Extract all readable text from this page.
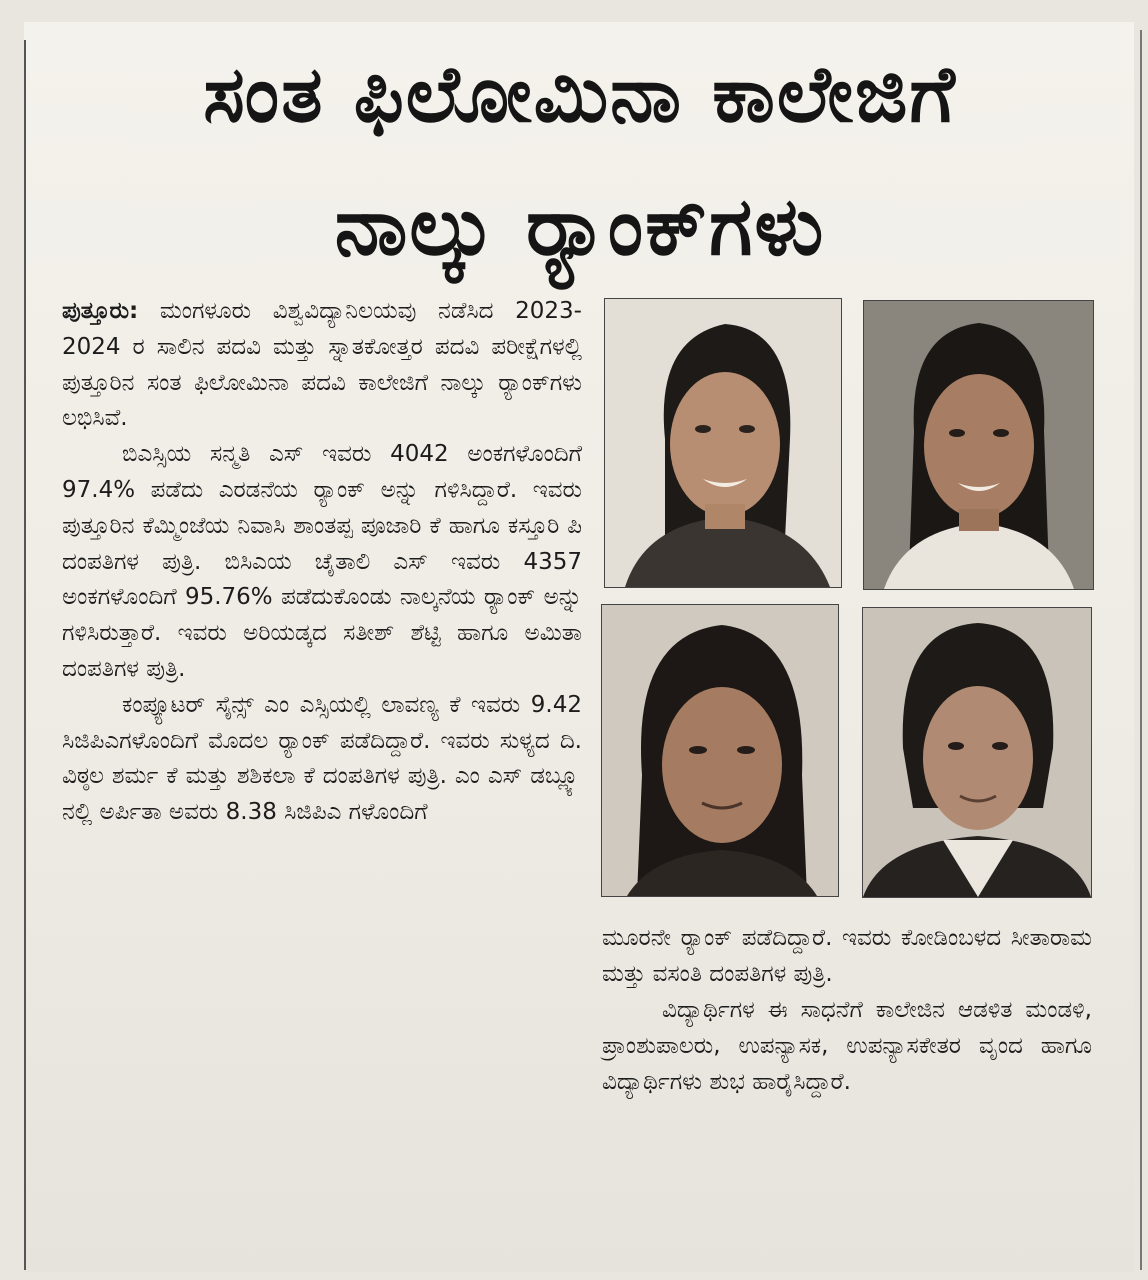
ಸಂತ ಫಿಲೋಮಿನಾ ಕಾಲೇಜಿಗೆ
ನಾಲ್ಕು ರ್‍ಯಾಂಕ್‌ಗಳು

ಪುತ್ತೂರು: ಮಂಗಳೂರು ವಿಶ್ವವಿದ್ಯಾನಿಲಯವು ನಡೆಸಿದ 2023-2024 ರ ಸಾಲಿನ ಪದವಿ ಮತ್ತು ಸ್ನಾತಕೋತ್ತರ ಪದವಿ ಪರೀಕ್ಷೆಗಳಲ್ಲಿ ಪುತ್ತೂರಿನ ಸಂತ ಫಿಲೋಮಿನಾ ಪದವಿ ಕಾಲೇಜಿಗೆ ನಾಲ್ಕು ರ್‍ಯಾಂಕ್‌ಗಳು ಲಭಿಸಿವೆ.

ಬಿಎಸ್ಸಿಯ ಸನ್ಮತಿ ಎಸ್ ಇವರು 4042 ಅಂಕಗಳೊಂದಿಗೆ 97.4% ಪಡೆದು ಎರಡನೆಯ ರ್‍ಯಾಂಕ್ ಅನ್ನು ಗಳಿಸಿದ್ದಾರೆ. ಇವರು ಪುತ್ತೂರಿನ ಕೆಮ್ಮಿಂಜೆಯ ನಿವಾಸಿ ಶಾಂತಪ್ಪ ಪೂಜಾರಿ ಕೆ ಹಾಗೂ ಕಸ್ತೂರಿ ಪಿ ದಂಪತಿಗಳ ಪುತ್ರಿ. ಬಿಸಿಎಯ ಚೈತಾಲಿ ಎಸ್ ಇವರು 4357 ಅಂಕಗಳೊಂದಿಗೆ 95.76% ಪಡೆದುಕೊಂಡು ನಾಲ್ಕನೆಯ ರ್‍ಯಾಂಕ್ ಅನ್ನು ಗಳಿಸಿರುತ್ತಾರೆ. ಇವರು ಅರಿಯಡ್ಕದ ಸತೀಶ್ ಶೆಟ್ಟಿ ಹಾಗೂ ಅಮಿತಾ ದಂಪತಿಗಳ ಪುತ್ರಿ.

ಕಂಪ್ಯೂಟರ್ ಸೈನ್ಸ್ ಎಂ ಎಸ್ಸಿಯಲ್ಲಿ ಲಾವಣ್ಯ ಕೆ ಇವರು 9.42 ಸಿಜಿಪಿಎಗಳೊಂದಿಗೆ ಮೊದಲ ರ್‍ಯಾಂಕ್ ಪಡೆದಿದ್ದಾರೆ. ಇವರು ಸುಳ್ಯದ ದಿ. ವಿಠ್ಠಲ ಶರ್ಮ ಕೆ ಮತ್ತು ಶಶಿಕಲಾ ಕೆ ದಂಪತಿಗಳ ಪುತ್ರಿ. ಎಂ ಎಸ್ ಡಬ್ಲ್ಯೂ ನಲ್ಲಿ ಅರ್ಪಿತಾ ಅವರು 8.38 ಸಿಜಿಪಿಎ ಗಳೊಂದಿಗೆ

ಮೂರನೇ ರ್‍ಯಾಂಕ್ ಪಡೆದಿದ್ದಾರೆ. ಇವರು ಕೋಡಿಂಬಳದ ಸೀತಾರಾಮ ಮತ್ತು ವಸಂತಿ ದಂಪತಿಗಳ ಪುತ್ರಿ.

ವಿದ್ಯಾರ್ಥಿಗಳ ಈ ಸಾಧನೆಗೆ ಕಾಲೇಜಿನ ಆಡಳಿತ ಮಂಡಳಿ, ಪ್ರಾಂಶುಪಾಲರು, ಉಪನ್ಯಾಸಕ, ಉಪನ್ಯಾಸಕೇತರ ವೃಂದ ಹಾಗೂ ವಿದ್ಯಾರ್ಥಿಗಳು ಶುಭ ಹಾರೈಸಿದ್ದಾರೆ.
